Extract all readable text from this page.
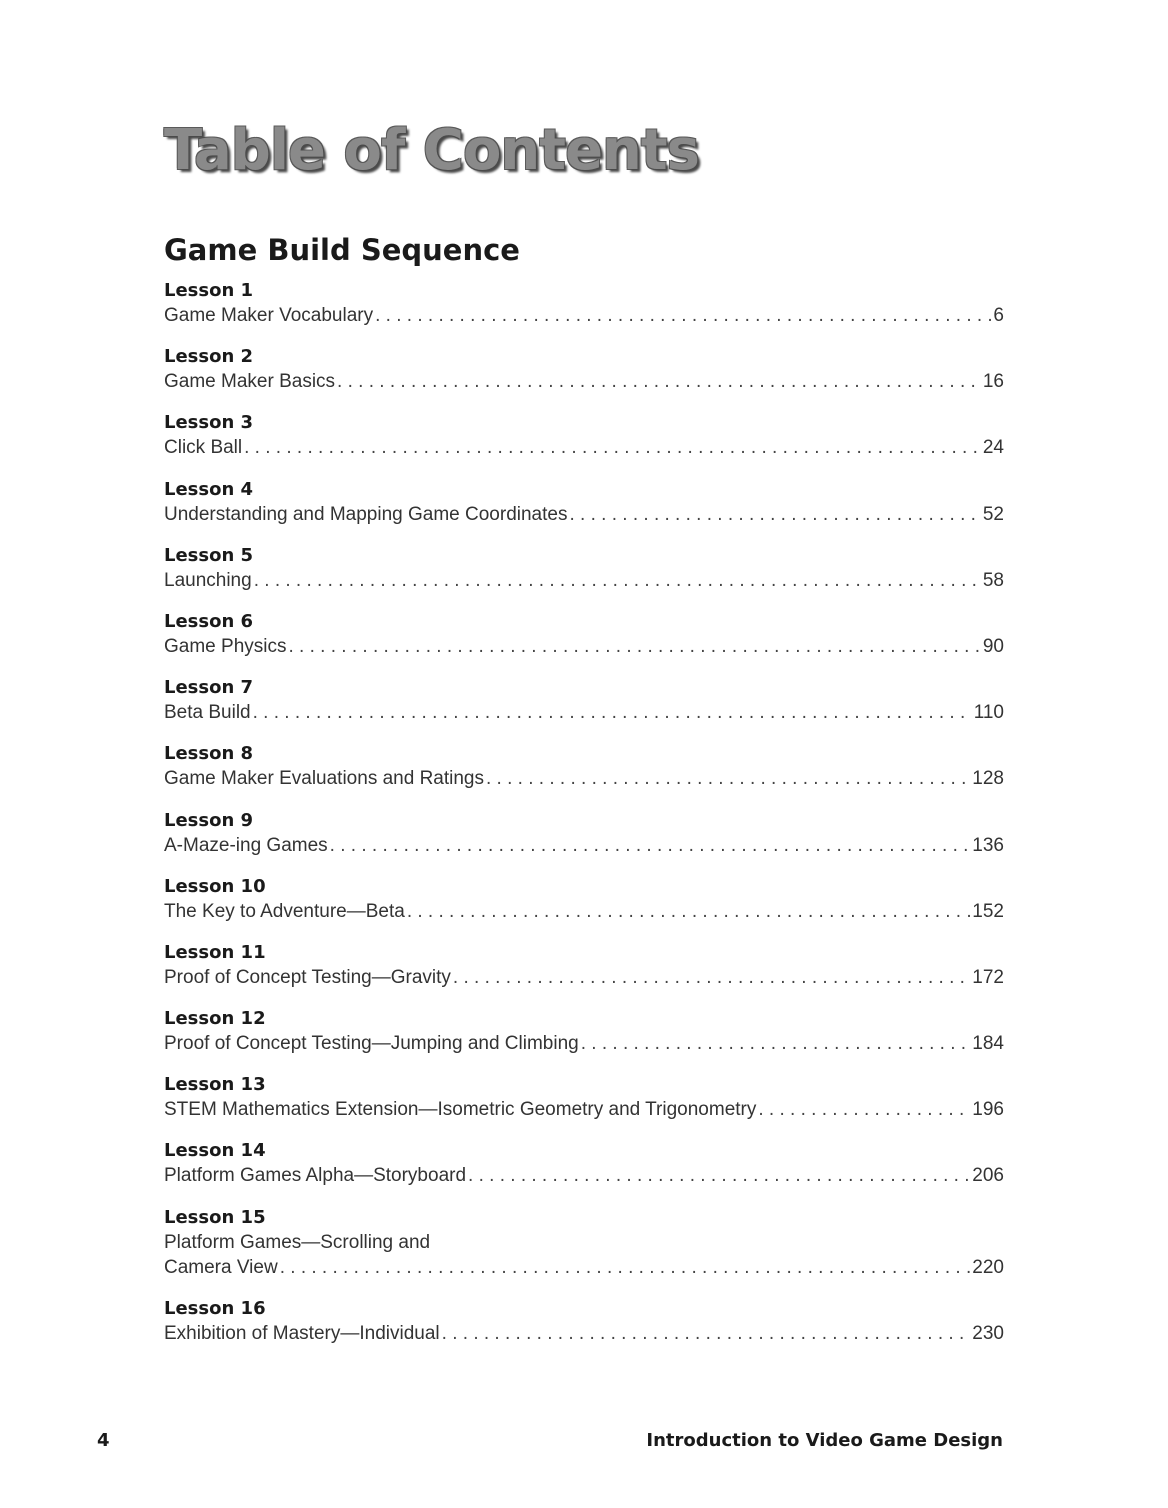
Table of Contents
Game Build Sequence
Lesson 1
Game Maker Vocabulary . . .	6
Lesson 2
Game Maker Basics . . .	16
Lesson 3
Click Ball . . .	24
Lesson 4
Understanding and Mapping Game Coordinates . . .	52
Lesson 5
Launching . . .	58
Lesson 6
Game Physics . . .	90
Lesson 7
Beta Build . . .	110
Lesson 8
Game Maker Evaluations and Ratings . . .	128
Lesson 9
A-Maze-ing Games . . .	136
Lesson 10
The Key to Adventure—Beta . . .	152
Lesson 11
Proof of Concept Testing—Gravity . . .	172
Lesson 12
Proof of Concept Testing—Jumping and Climbing . . .	184
Lesson 13
STEM Mathematics Extension—Isometric Geometry and Trigonometry . . .	196
Lesson 14
Platform Games Alpha—Storyboard . . .	206
Lesson 15
Platform Games—Scrolling and
Camera View . . .	220
Lesson 16
Exhibition of Mastery—Individual . . .	230
4	Introduction to Video Game Design
